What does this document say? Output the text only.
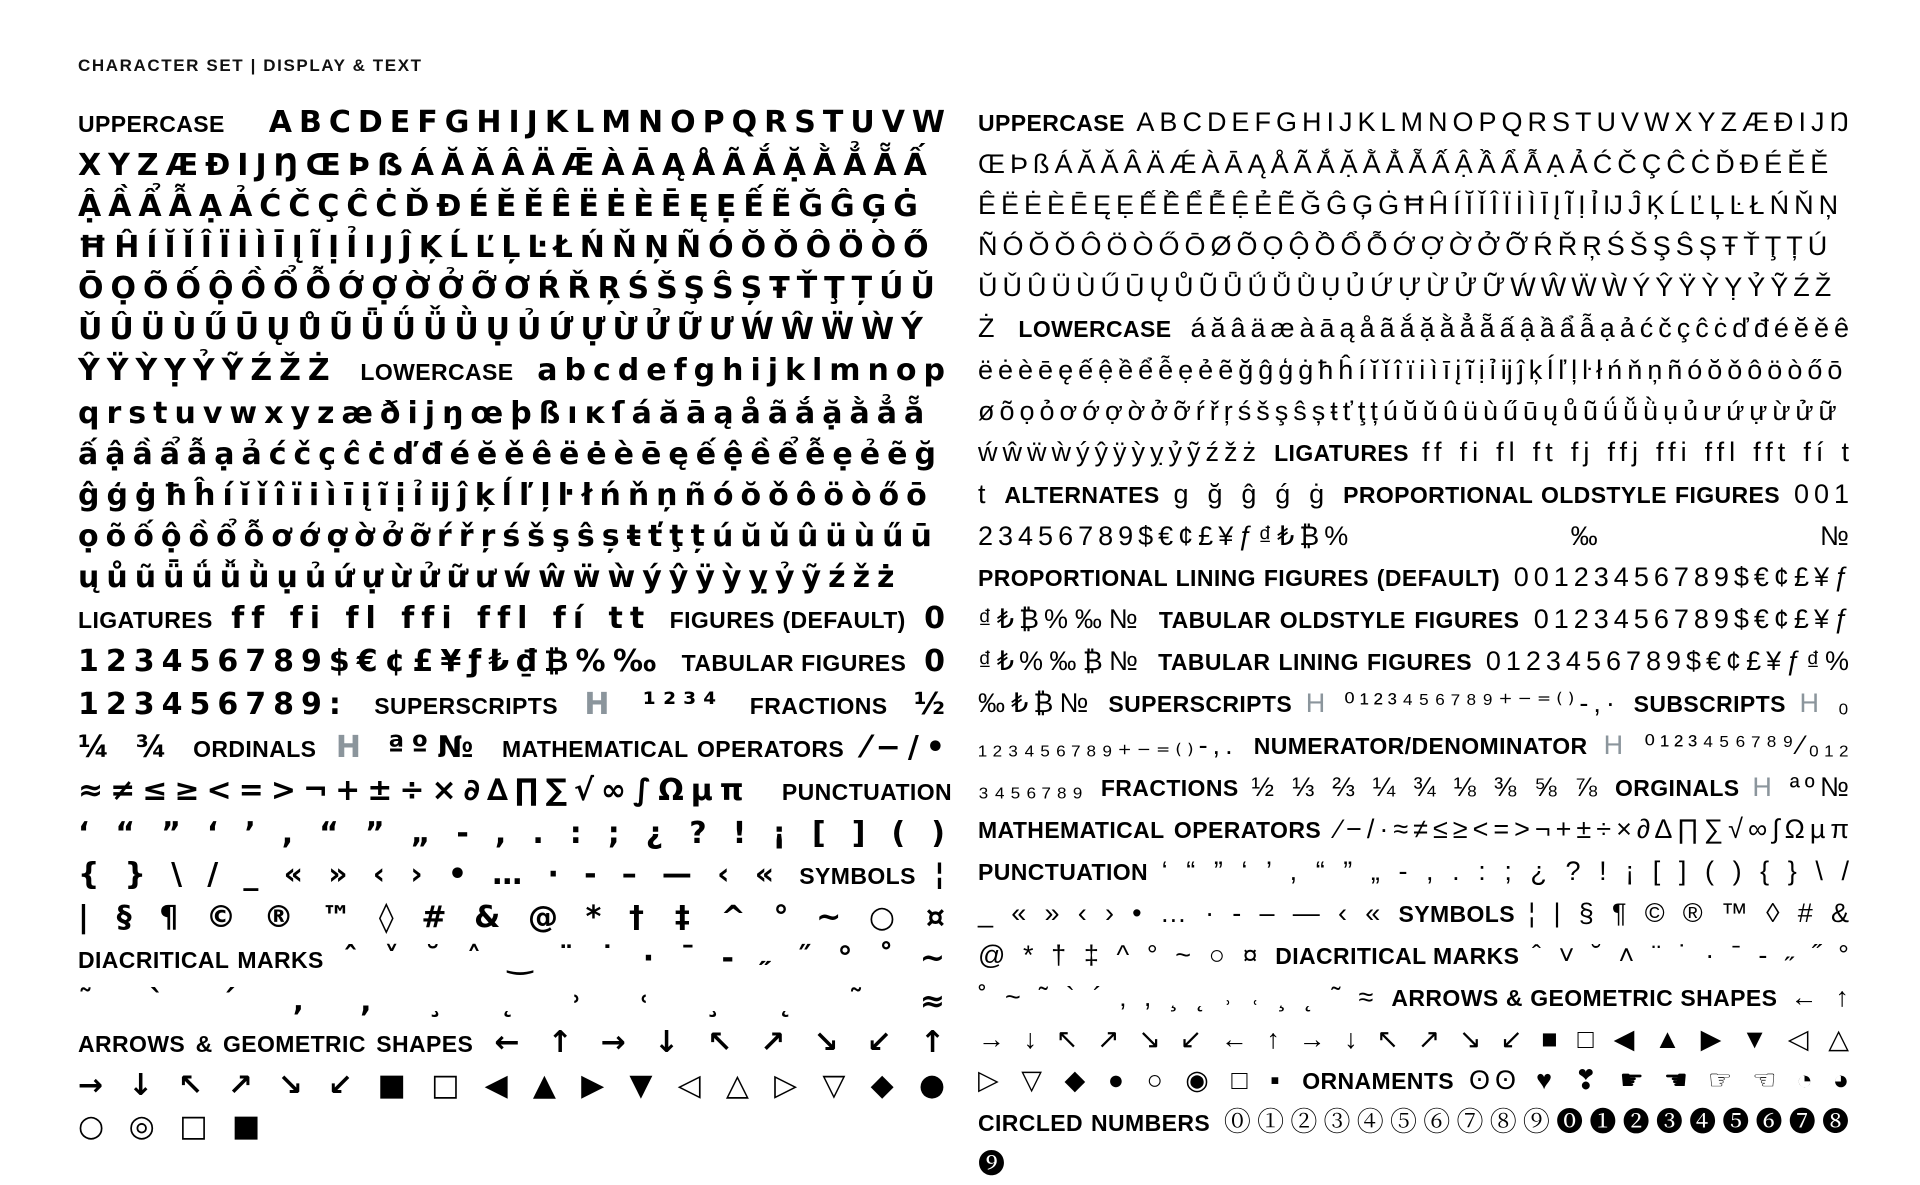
CHARACTER SET | DISPLAY & TEXT
UPPERCASE ABCDEFGHIJKLMNOPQRSTUVWXYZÆÐIJŊŒÞẞÁĂǍÂÄǢÀĀĄÅÃẮẶẰẲẴẤẬẦẨẪẠẢĆČÇĈĊĎĐÉĔĚÊËĖÈĒĘẸẾẼĞĜĢĠĦĤÍĬǏÎÏİÌĪĮĨỊỈIJĴĶĹĽĻĿŁŃŇŅÑÓŎǑÔÖÒŐŌỌÕỐỘỒỔỖỚỢỜỞỠƠŔŘŖŚŠŞŜȘŦŤŢȚÚŬǓÛÜÙŰŪŲŮŨǕǗǙǛỤỦỨỰỪỬỮƯẂŴẄẀÝŶŸỲỴỶỸŹŽŻ LOWERCASE abcdefghijklmnopqrstuvwxyzæðijŋœþßıĸſáăāąåãắặằẳẵấậầẩẫạảćčçĉċďđéĕěêëėèēęếệềểễẹẻẽğĝģġħĥíĭǐîïiìīįĩịỉĳĵķĺľļŀłńňņñóŏǒôöòőōọõốộồổỗơớợờởỡŕřŗśšşŝșŧťţțúŭǔûüùűūųůũǖǘǚǜụủứựừửữưẃŵẅẁýŷÿỳỵỷỹźžż LIGATURES ff fi fl ffi ffl fí tt FIGURES (DEFAULT) 0123456789$€¢£¥ƒ₺₫₿%‰ TABULAR FIGURES 0123456789: SUPERSCRIPTS H ¹²³⁴ FRACTIONS ½ ¼ ¾ ORDINALS H ªº№ MATHEMATICAL OPERATORS ⁄−/•≈≠≤≥<=>¬+±÷×∂∆∏∑√∞∫Ωµπ PUNCTUATION ‘ “ ” ‘ ’ , “ ” „ - , . : ; ¿ ? ! ¡ [ ] ( ) { } \ / _ « » ‹ › • … · ‐ – — ‹ « SYMBOLS ¦ | § ¶ © ® ™ ◊ # & @ * † ‡ ^ ° ~ ○ ¤ DIACRITICAL MARKS ˆ ˅ ˘ ˄ ‿ ¨ ˙ · ˉ ‐ ˶ ˝ ° ˚ ~ ˜ ` ´ ‚ , ¸ ˛ ˒ ˓ ¸ ˛ ˜ ≈ ARROWS & GEOMETRIC SHAPES ← ↑ → ↓ ↖ ↗ ↘ ↙ ↑ → ↓ ↖ ↗ ↘ ↙ ■ □ ◀ ▲ ▶ ▼ ◁ △ ▷ ▽ ◆ ● ○ ◎ □ ■
UPPERCASE ABCDEFGHIJKLMNOPQRSTUVWXYZÆÐIJŊŒÞßÁĂǍÂÄǼÀĀĄÅÃẮẶẰẲẴẤẬẦẨẪẠẢĆČÇĈĊĎĐÉĔĚÊËĖÈĒĘẸẾỀỂỄỆẺẼĞĜĢĠĦĤÍĬǏÎÏİÌĪĮĨỊỈĲĴĶĹĽĻĿŁŃŇŅÑÓŎǑÔÖÒŐŌØÕỌỘỒỔỖỚỢỜỞỠŔŘŖŚŠŞŜȘŦŤŢȚÚŬǓÛÜÙŰŪŲŮŨǕǗǙǛỤỦỨỰỪỬỮẂŴẄẀÝŶŸỲỴỶỸŹŽŻ LOWERCASE áăâäæàāąåãắặằẳẵấậầẩẫạảćčçĉċďđéĕěêëėèēęếệềểễẹẻẽğĝģġħĥíĭǐîïiìīįĩịỉĳĵķĺľļŀłńňņñóŏǒôöòőōøõọỏơớợờởỡŕřŗśšşŝșŧťţțúŭǔûüùűūųůũǘǚǜụủưứựừửữẃŵẅẁýŷÿỳỵỷỹźžż LIGATURES ff fi fl ft fj ffj ffi ffl fft fí tt ALTERNATES g ğ ĝ ǵ ġ PROPORTIONAL OLDSTYLE FIGURES 00123456789$€¢£¥ƒ₫₺₿%‰№ PROPORTIONAL LINING FIGURES (DEFAULT) 00123456789$€¢£¥ƒ₫₺₿%‰№ TABULAR OLDSTYLE FIGURES 0123456789$€¢£¥ƒ₫₺%‰₿№ TABULAR LINING FIGURES 0123456789$€¢£¥ƒ₫%‰₺₿№ SUPERSCRIPTS H ⁰¹²³⁴⁵⁶⁷⁸⁹⁺⁻⁼⁽⁾‐,· SUBSCRIPTS H ₀₁₂₃₄₅₆₇₈₉₊₋₌₍₎‐,. NUMERATOR/DENOMINATOR H ⁰¹²³⁴⁵⁶⁷⁸⁹⁄₀₁₂₃₄₅₆₇₈₉ FRACTIONS ½ ⅓ ⅔ ¼ ¾ ⅛ ⅜ ⅝ ⅞ ORGINALS H ªº№ MATHEMATICAL OPERATORS ⁄−/·≈≠≤≥<=>¬+±÷×∂∆∏∑√∞∫Ωµπ PUNCTUATION ‘ “ ” ‘ ’ , “ ” „ - , . : ; ¿ ? ! ¡ [ ] ( ) { } \ / _ « » ‹ › • … · ‐ – — ‹ « SYMBOLS ¦ | § ¶ © ® ™ ◊ # & @ * † ‡ ^ ° ~ ○ ¤ DIACRITICAL MARKS ˆ ˅ ˘ ˄ ¨ ˙ · ˉ ‐ ˶ ˝ ° ˚ ~ ˜ ` ´ ‚ , ¸ ˛ ˒ ˓ ¸ ˛ ˜ ≈ ARROWS & GEOMETRIC SHAPES ← ↑ → ↓ ↖ ↗ ↘ ↙ ← ↑ → ↓ ↖ ↗ ↘ ↙ ■ □ ◀ ▲ ▶ ▼ ◁ △ ▷ ▽ ◆ ● ○ ◉ □ ▪ ORNAMENTS ʘʘ ♥ ❣ ☛ ☚ ☞ ☜ ◔ ◕ CIRCLED NUMBERS ⓪①②③④⑤⑥⑦⑧⑨⓿❶❷❸❹❺❻❼❽❾
